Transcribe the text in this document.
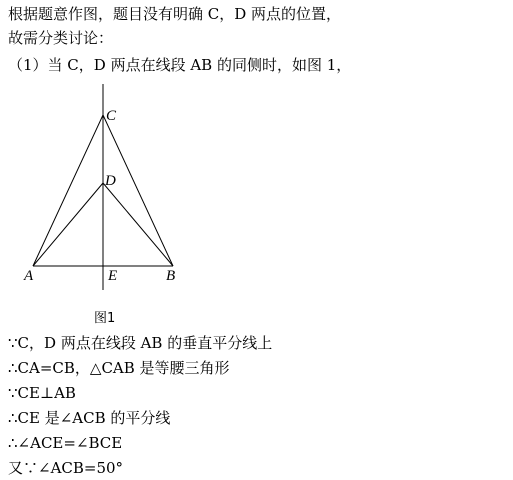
根据题意作图，题目没有明确 C，D 两点的位置，
故需分类讨论：
（1）当 C，D 两点在线段 AB 的同侧时，如图 1，
C
D
A	E	B
图1
∵C，D 两点在线段 AB 的垂直平分线上
∴CA=CB，△CAB 是等腰三角形
∵CE⊥AB
∴CE 是∠ACB 的平分线
∴∠ACE=∠BCE
又∵∠ACB=50°
